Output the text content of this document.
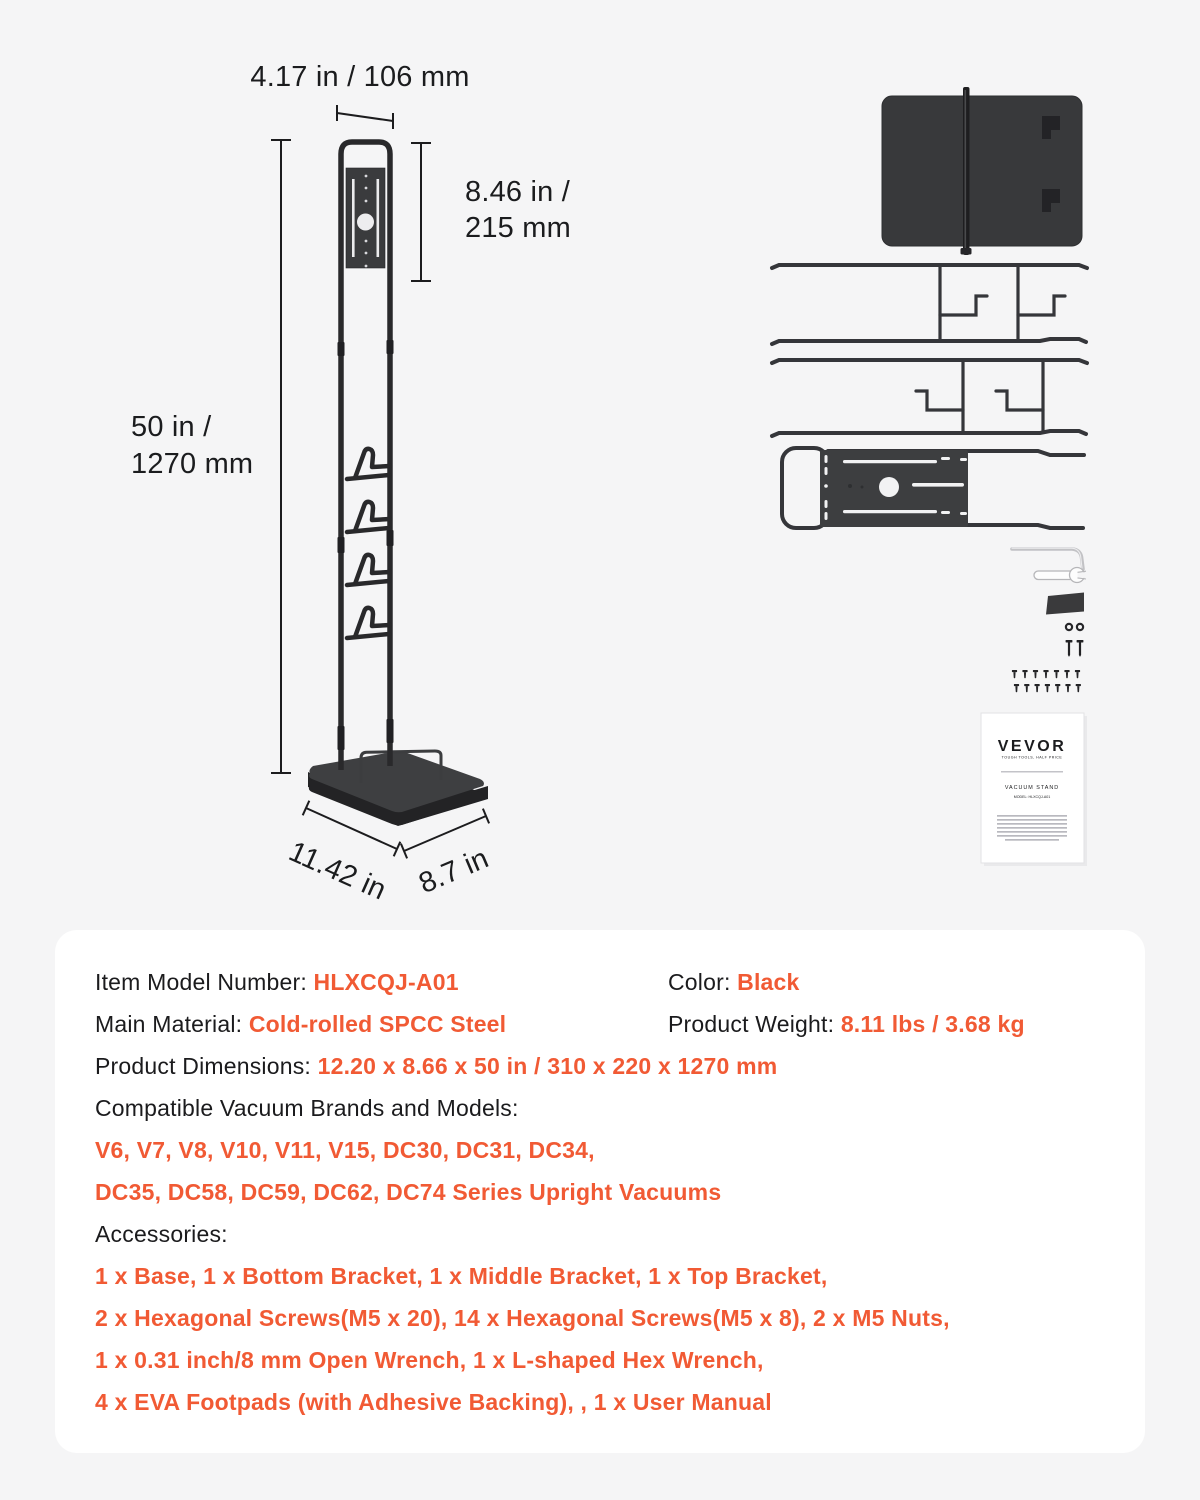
4.17 in / 106 mm
8.46 in /
215 mm
50 in /
1270 mm
11.42 in 8.7 in
VEVOR
TOUGH TOOLS, HALF PRICE
VACUUM STAND
MODEL: HLXCQJ-A01
Item Model Number: HLXCQJ-A01	Color: Black
Main Material: Cold-rolled SPCC Steel	Product Weight: 8.11 lbs / 3.68 kg
Product Dimensions: 12.20 x 8.66 x 50 in / 310 x 220 x 1270 mm
Compatible Vacuum Brands and Models:
V6, V7, V8, V10, V11, V15, DC30, DC31, DC34,
DC35, DC58, DC59, DC62, DC74 Series Upright Vacuums
Accessories:
1 x Base, 1 x Bottom Bracket, 1 x Middle Bracket, 1 x Top Bracket,
2 x Hexagonal Screws(M5 x 20), 14 x Hexagonal Screws(M5 x 8), 2 x M5 Nuts,
1 x 0.31 inch/8 mm Open Wrench, 1 x L-shaped Hex Wrench,
4 x EVA Footpads (with Adhesive Backing), , 1 x User Manual
